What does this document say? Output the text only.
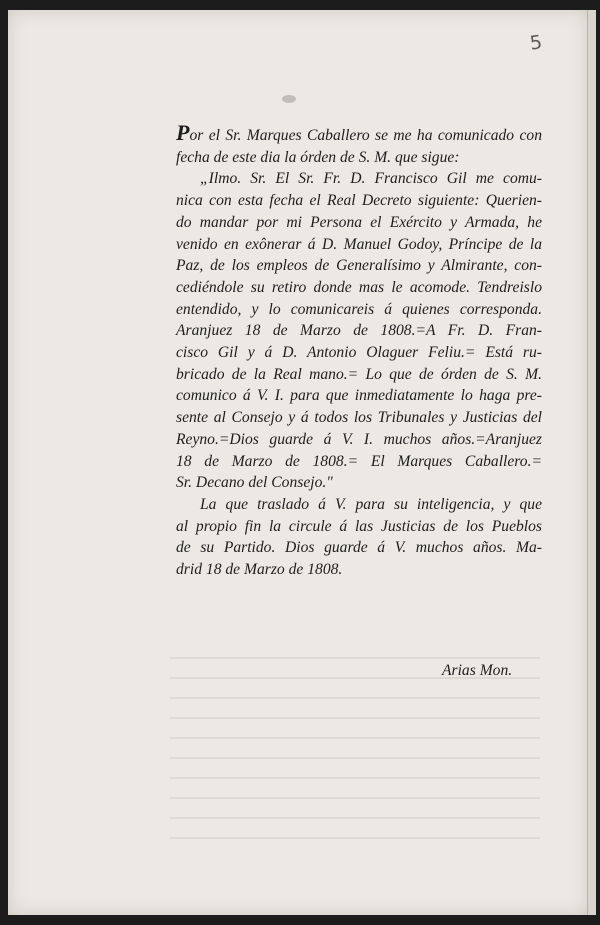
5

Por el Sr. Marques Caballero se me ha comunicado con
fecha de este dia la órden de S. M. que sigue:

„Ilmo. Sr. El Sr. Fr. D. Francisco Gil me comu-
nica con esta fecha el Real Decreto siguiente: Querien-
do mandar por mi Persona el Exército y Armada, he
venido en exônerar á D. Manuel Godoy, Príncipe de la
Paz, de los empleos de Generalísimo y Almirante, con-
cediéndole su retiro donde mas le acomode. Tendreislo
entendido, y lo comunicareis á quienes corresponda.
Aranjuez 18 de Marzo de 1808.=A Fr. D. Fran-
cisco Gil y á D. Antonio Olaguer Feliu.= Está ru-
bricado de la Real mano.= Lo que de órden de S. M.
comunico á V. I. para que inmediatamente lo haga pre-
sente al Consejo y á todos los Tribunales y Justicias del
Reyno.=Dios guarde á V. I. muchos años.=Aranjuez
18 de Marzo de 1808.= El Marques Caballero.=
Sr. Decano del Consejo."

La que traslado á V. para su inteligencia, y que
al propio fin la circule á las Justicias de los Pueblos
de su Partido. Dios guarde á V. muchos años. Ma-
drid 18 de Marzo de 1808.

Arias Mon.
